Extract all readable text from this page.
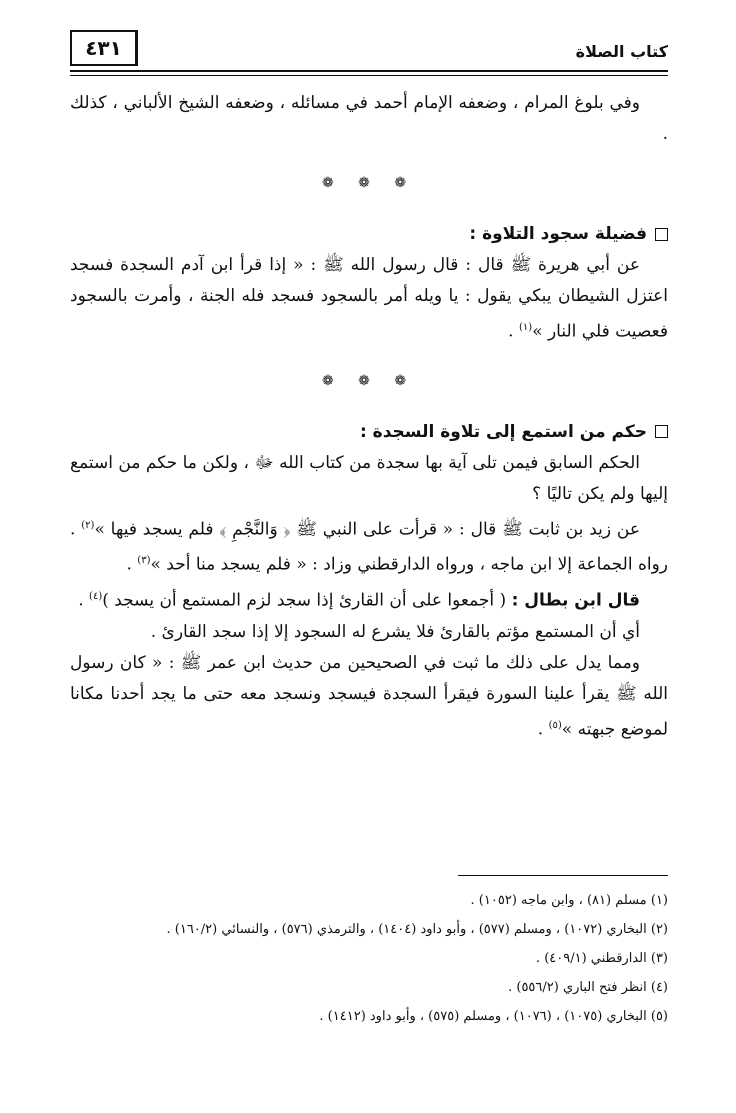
كتاب الصلاة
٤٣١

وفي بلوغ المرام ، وضعفه الإمام أحمد في مسائله ، وضعفه الشيخ الألباني ، كذلك .

❁ ❁ ❁
فضيلة سجود التلاوة :

عن أبي هريرة ﷺ قال : قال رسول الله ﷺ : « إذا قرأ ابن آدم السجدة فسجد اعتزل الشيطان يبكي يقول : يا ويله أمر بالسجود فسجد فله الجنة ، وأمرت بالسجود فعصيت فلي النار »$^{(١)}$ .

❁ ❁ ❁
حكم من استمع إلى تلاوة السجدة :

الحكم السابق فيمن تلى آية بها سجدة من كتاب الله ﷻ ، ولكن ما حكم من استمع إليها ولم يكن تاليًا ؟

عن زيد بن ثابت ﷺ قال : « قرأت على النبي ﷺ ﴿ وَالنَّجْمِ ﴾ فلم يسجد فيها »$^{(٢)}$ . رواه الجماعة إلا ابن ماجه ، ورواه الدارقطني وزاد : « فلم يسجد منا أحد »$^{(٣)}$ .

قال ابن بطال : ( أجمعوا على أن القارئ إذا سجد لزم المستمع أن يسجد )$^{(٤)}$ .

أي أن المستمع مؤتم بالقارئ فلا يشرع له السجود إلا إذا سجد القارئ .

ومما يدل على ذلك ما ثبت في الصحيحين من حديث ابن عمر ﷺ : « كان رسول الله ﷺ يقرأ علينا السورة فيقرأ السجدة فيسجد ونسجد معه حتى ما يجد أحدنا مكانا لموضع جبهته »$^{(٥)}$ .

(١) مسلم (٨١) ، وابن ماجه (١٠٥٢) .
(٢) البخاري (١٠٧٢) ، ومسلم (٥٧٧) ، وأبو داود (١٤٠٤) ، والترمذي (٥٧٦) ، والنسائي (١٦٠/٢) .
(٣) الدارقطني (٤٠٩/١) .
(٤) انظر فتح الباري (٥٥٦/٢) .
(٥) البخاري (١٠٧٥) ، (١٠٧٦) ، ومسلم (٥٧٥) ، وأبو داود (١٤١٢) .
